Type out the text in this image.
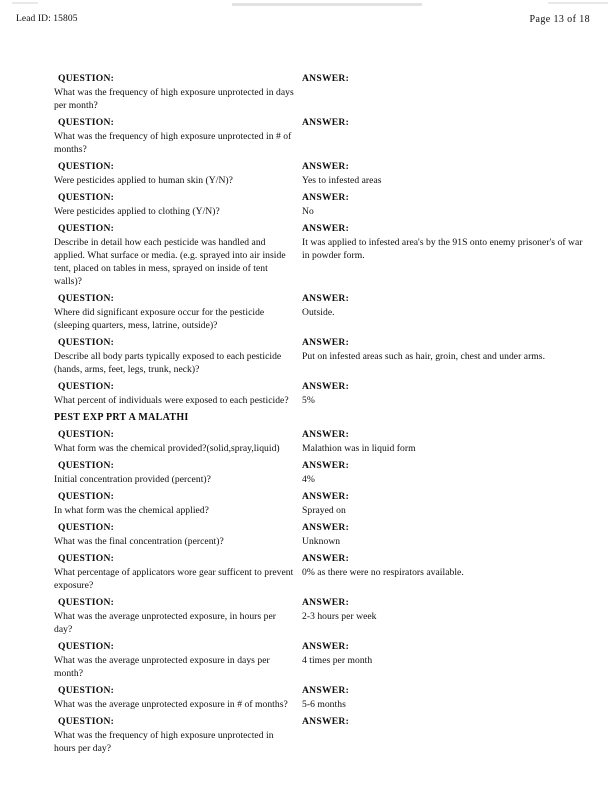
Lead ID: 15805	Page 13 of 18

QUESTION:

What was the frequency of high exposure unprotected in days per month?

ANSWER:

QUESTION:

What was the frequency of high exposure unprotected in # of months?

ANSWER:

QUESTION:

Were pesticides applied to human skin (Y/N)?

ANSWER:

Yes to infested areas

QUESTION:

Were pesticides applied to clothing (Y/N)?

ANSWER:

No

QUESTION:

Describe in detail how each pesticide was handled and applied. What surface or media. (e.g. sprayed into air inside tent, placed on tables in mess, sprayed on inside of tent walls)?

ANSWER:

It was applied to infested area's by the 91S onto enemy prisoner's of war in powder form.

QUESTION:

Where did significant exposure occur for the pesticide (sleeping quarters, mess, latrine, outside)?

ANSWER:

Outside.

QUESTION:

Describe all body parts typically exposed to each pesticide (hands, arms, feet, legs, trunk, neck)?

ANSWER:

Put on infested areas such as hair, groin, chest and under arms.

QUESTION:

What percent of individuals were exposed to each pesticide?

ANSWER:

5%

PEST EXP PRT A MALATHI

QUESTION:

What form was the chemical provided?(solid,spray,liquid)

ANSWER:

Malathion was in liquid form

QUESTION:

Initial concentration provided (percent)?

ANSWER:

4%

QUESTION:

In what form was the chemical applied?

ANSWER:

Sprayed on

QUESTION:

What was the final concentration (percent)?

ANSWER:

Unknown

QUESTION:

What percentage of applicators wore gear sufficent to prevent exposure?

ANSWER:

0% as there were no respirators available.

QUESTION:

What was the average unprotected exposure, in hours per day?

ANSWER:

2-3 hours per week

QUESTION:

What was the average unprotected exposure in days per month?

ANSWER:

4 times per month

QUESTION:

What was the average unprotected exposure in # of months?

ANSWER:

5-6 months

QUESTION:

What was the frequency of high exposure unprotected in hours per day?

ANSWER:
